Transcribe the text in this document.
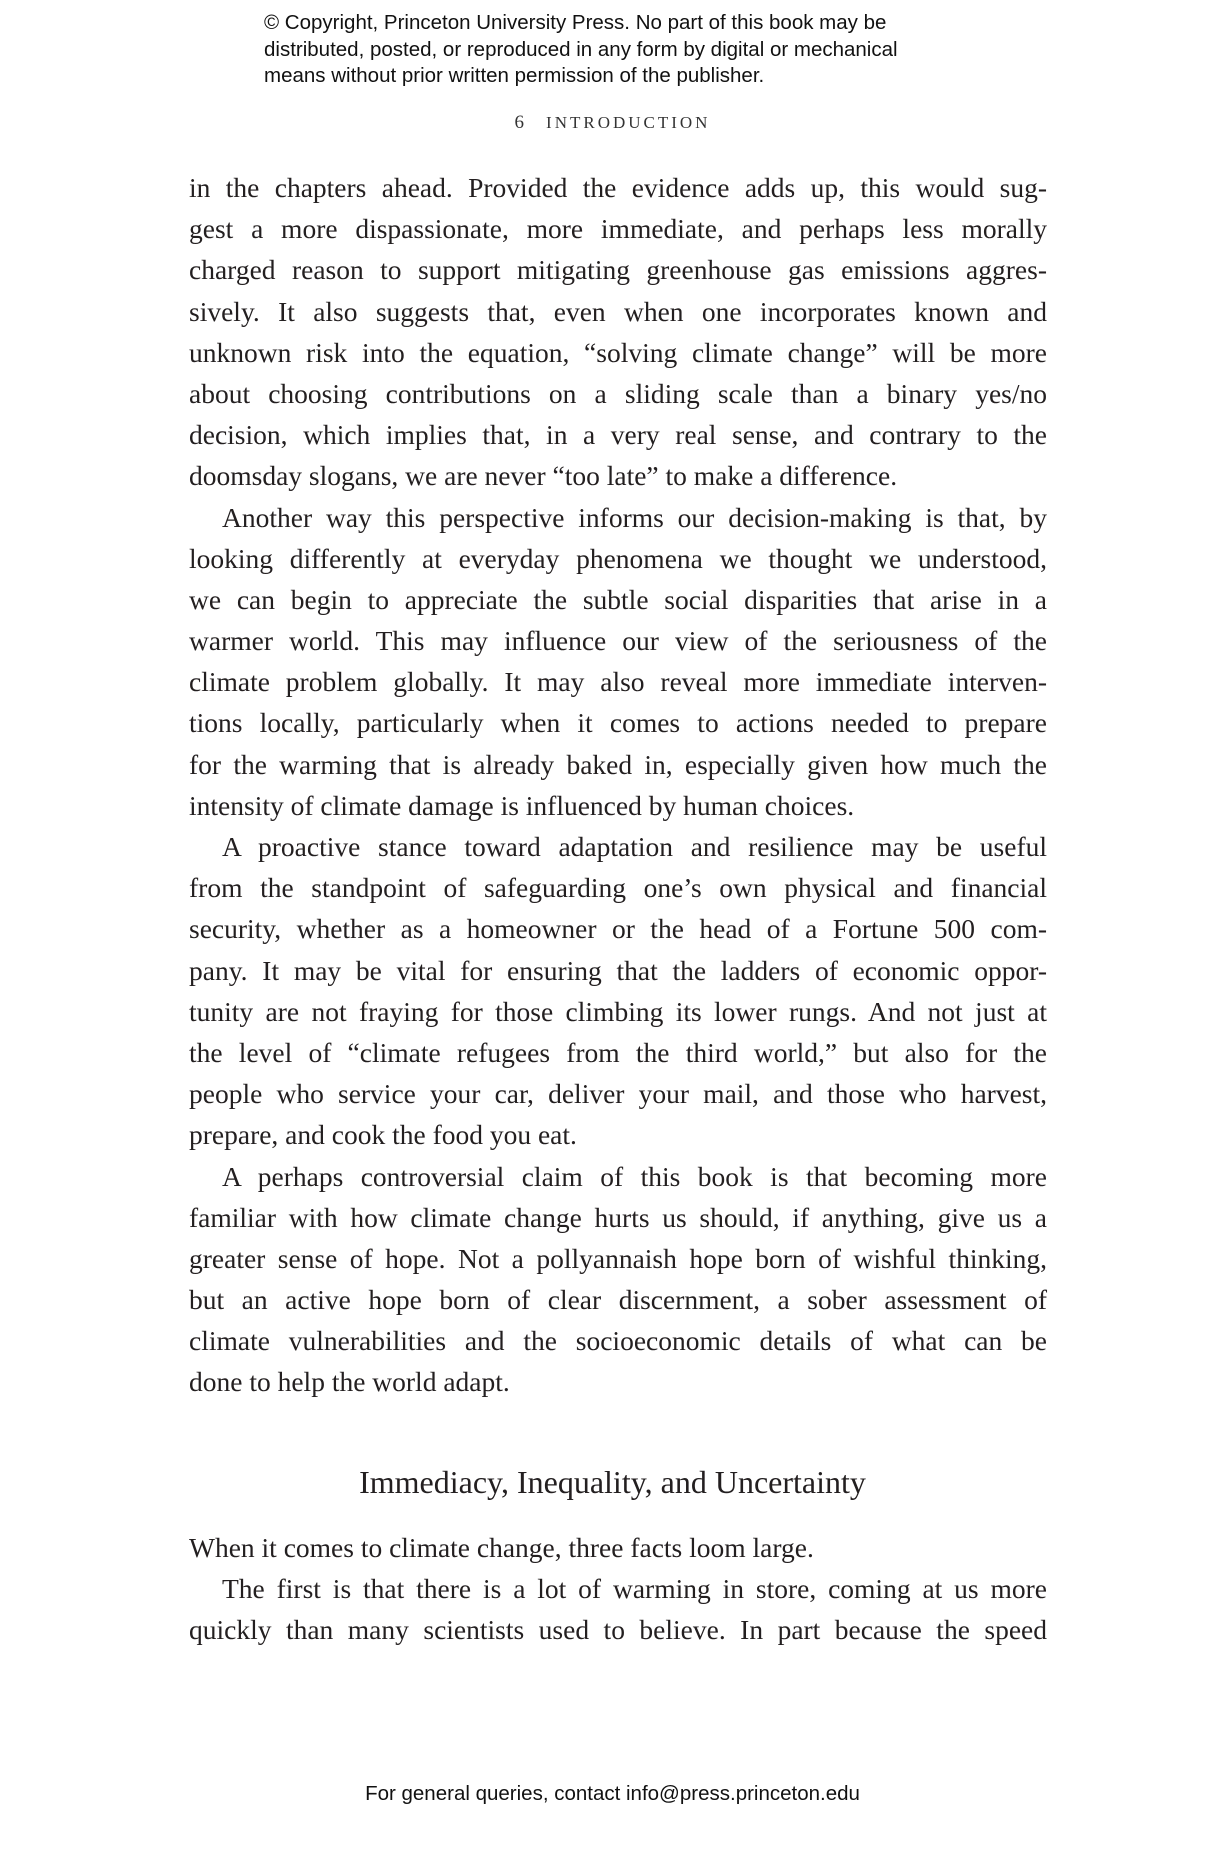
© Copyright, Princeton University Press. No part of this book may be
distributed, posted, or reproduced in any form by digital or mechanical
means without prior written permission of the publisher.
6 INTRODUCTION
in the chapters ahead. Provided the evidence adds up, this would sug-
gest a more dispassionate, more immediate, and perhaps less morally
charged reason to support mitigating greenhouse gas emissions aggres-
sively. It also suggests that, even when one incorporates known and
unknown risk into the equation, “solving climate change” will be more
about choosing contributions on a sliding scale than a binary yes/no
decision, which implies that, in a very real sense, and contrary to the
doomsday slogans, we are never “too late” to make a difference.
Another way this perspective informs our decision-making is that, by
looking differently at everyday phenomena we thought we understood,
we can begin to appreciate the subtle social disparities that arise in a
warmer world. This may influence our view of the seriousness of the
climate problem globally. It may also reveal more immediate interven-
tions locally, particularly when it comes to actions needed to prepare
for the warming that is already baked in, especially given how much the
intensity of climate damage is influenced by human choices.
A proactive stance toward adaptation and resilience may be useful
from the standpoint of safeguarding one’s own physical and financial
security, whether as a homeowner or the head of a Fortune 500 com-
pany. It may be vital for ensuring that the ladders of economic oppor-
tunity are not fraying for those climbing its lower rungs. And not just at
the level of “climate refugees from the third world,” but also for the
people who service your car, deliver your mail, and those who harvest,
prepare, and cook the food you eat.
A perhaps controversial claim of this book is that becoming more
familiar with how climate change hurts us should, if anything, give us a
greater sense of hope. Not a pollyannaish hope born of wishful thinking,
but an active hope born of clear discernment, a sober assessment of
climate vulnerabilities and the socioeconomic details of what can be
done to help the world adapt.
Immediacy, Inequality, and Uncertainty
When it comes to climate change, three facts loom large.
The first is that there is a lot of warming in store, coming at us more
quickly than many scientists used to believe. In part because the speed
For general queries, contact info@press.princeton.edu
